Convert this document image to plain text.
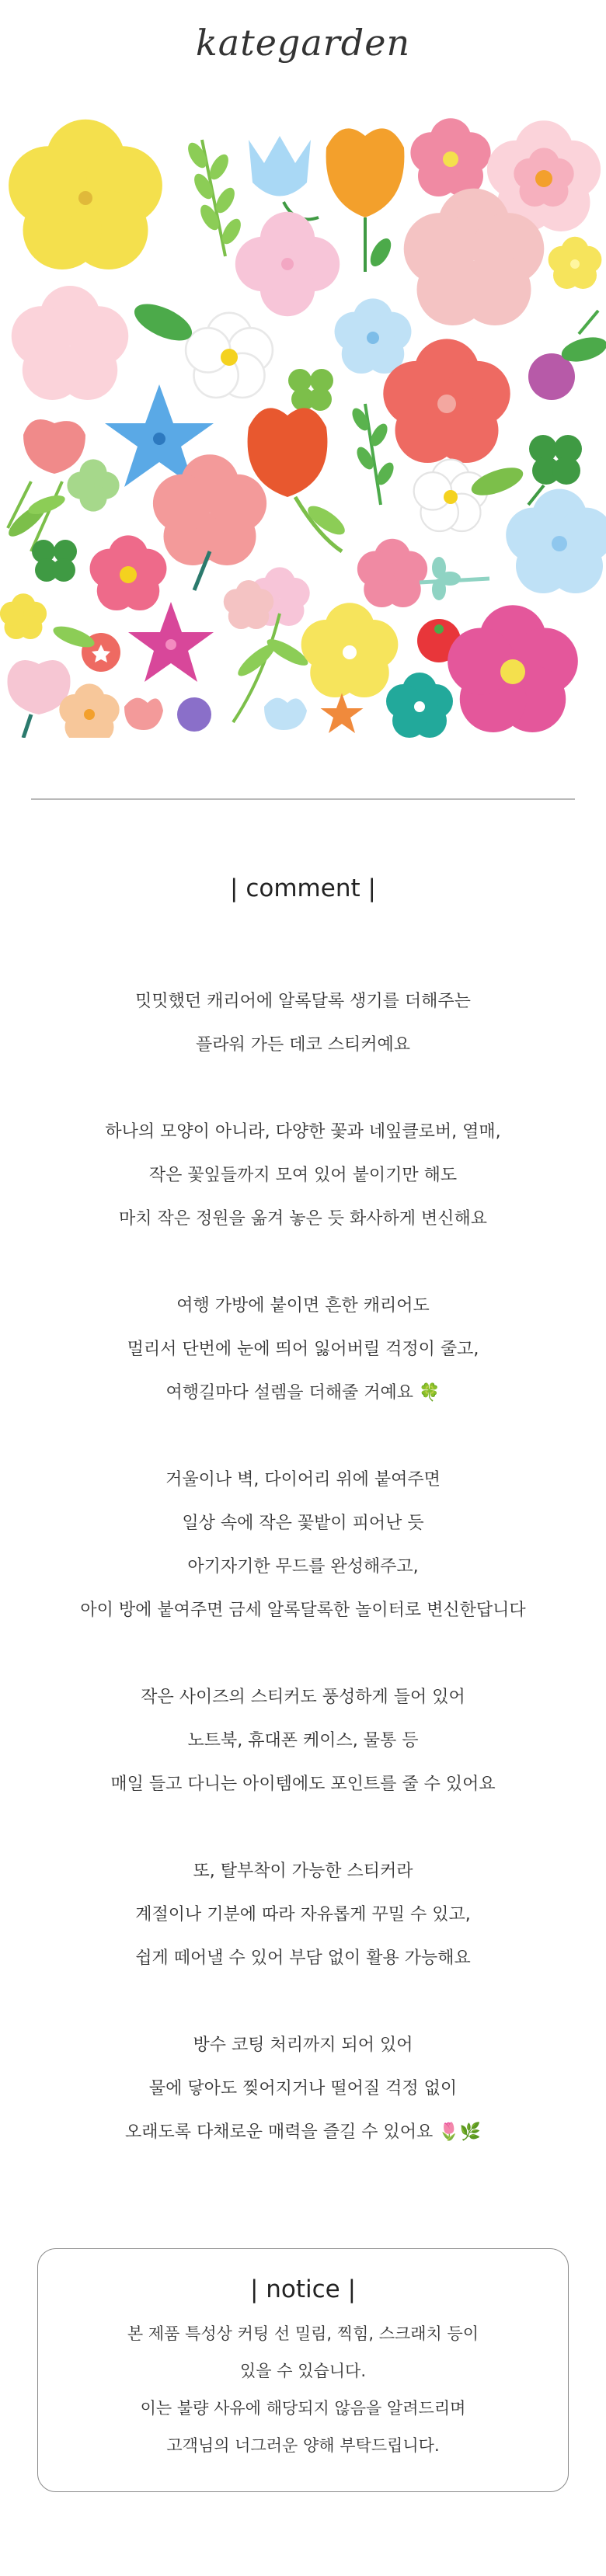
kategarden
| comment |
밋밋했던 캐리어에 알록달록 생기를 더해주는
플라워 가든 데코 스티커예요
하나의 모양이 아니라, 다양한 꽃과 네잎클로버, 열매,
작은 꽃잎들까지 모여 있어 붙이기만 해도
마치 작은 정원을 옮겨 놓은 듯 화사하게 변신해요
여행 가방에 붙이면 흔한 캐리어도
멀리서 단번에 눈에 띄어 잃어버릴 걱정이 줄고,
여행길마다 설렘을 더해줄 거예요 🍀
거울이나 벽, 다이어리 위에 붙여주면
일상 속에 작은 꽃밭이 피어난 듯
아기자기한 무드를 완성해주고,
아이 방에 붙여주면 금세 알록달록한 놀이터로 변신한답니다
작은 사이즈의 스티커도 풍성하게 들어 있어
노트북, 휴대폰 케이스, 물통 등
매일 들고 다니는 아이템에도 포인트를 줄 수 있어요
또, 탈부착이 가능한 스티커라
계절이나 기분에 따라 자유롭게 꾸밀 수 있고,
쉽게 떼어낼 수 있어 부담 없이 활용 가능해요
방수 코팅 처리까지 되어 있어
물에 닿아도 찢어지거나 떨어질 걱정 없이
오래도록 다채로운 매력을 즐길 수 있어요 🌷🌿
| notice |
본 제품 특성상 커팅 선 밀림, 찍힘, 스크래치 등이
있을 수 있습니다.
이는 불량 사유에 해당되지 않음을 알려드리며
고객님의 너그러운 양해 부탁드립니다.
